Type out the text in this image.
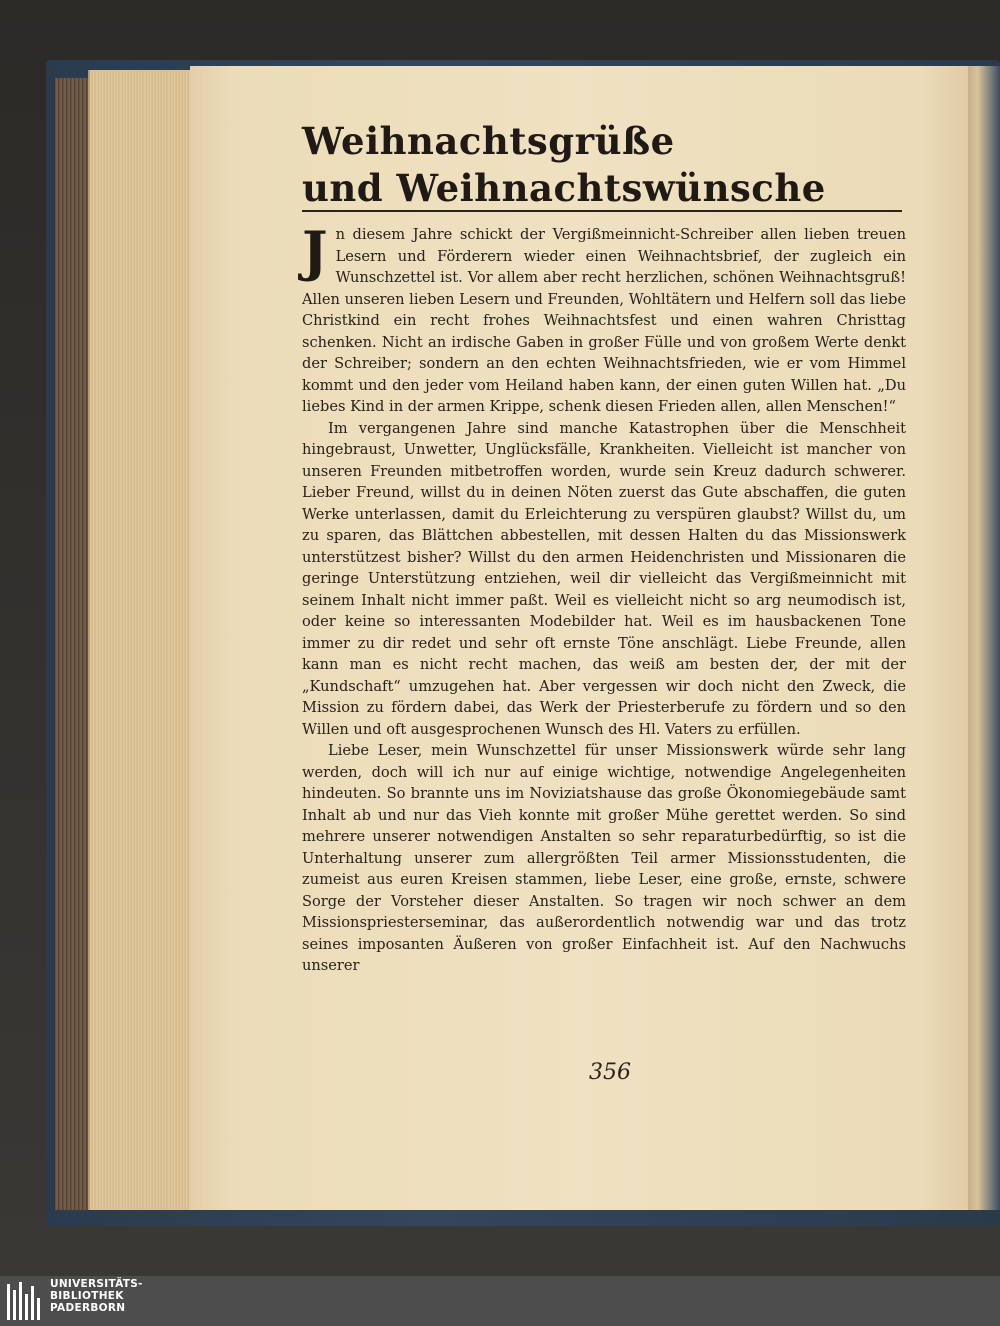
Weihnachtsgrüße
und Weihnachtswünsche

Jn diesem Jahre schickt der Vergißmeinnicht-Schreiber allen lieben treuen Lesern und Förderern wieder einen Weihnachtsbrief, der zugleich ein Wunschzettel ist. Vor allem aber recht herzlichen, schönen Weihnachtsgruß! Allen unseren lieben Lesern und Freunden, Wohltätern und Helfern soll das liebe Christkind ein recht frohes Weihnachtsfest und einen wahren Christtag schenken. Nicht an irdische Gaben in großer Fülle und von großem Werte denkt der Schreiber; sondern an den echten Weihnachtsfrieden, wie er vom Himmel kommt und den jeder vom Heiland haben kann, der einen guten Willen hat. „Du liebes Kind in der armen Krippe, schenk diesen Frieden allen, allen Menschen!“

Im vergangenen Jahre sind manche Katastrophen über die Menschheit hingebraust, Unwetter, Unglücksfälle, Krankheiten. Vielleicht ist mancher von unseren Freunden mitbetroffen worden, wurde sein Kreuz dadurch schwerer. Lieber Freund, willst du in deinen Nöten zuerst das Gute abschaffen, die guten Werke unterlassen, damit du Erleichterung zu verspüren glaubst? Willst du, um zu sparen, das Blättchen abbestellen, mit dessen Halten du das Missionswerk unterstützest bisher? Willst du den armen Heidenchristen und Missionaren die geringe Unterstützung entziehen, weil dir vielleicht das Vergißmeinnicht mit seinem Inhalt nicht immer paßt. Weil es vielleicht nicht so arg neumodisch ist, oder keine so interessanten Modebilder hat. Weil es im hausbackenen Tone immer zu dir redet und sehr oft ernste Töne anschlägt. Liebe Freunde, allen kann man es nicht recht machen, das weiß am besten der, der mit der „Kundschaft“ umzugehen hat. Aber vergessen wir doch nicht den Zweck, die Mission zu fördern dabei, das Werk der Priesterberufe zu fördern und so den Willen und oft ausgesprochenen Wunsch des Hl. Vaters zu erfüllen.

Liebe Leser, mein Wunschzettel für unser Missionswerk würde sehr lang werden, doch will ich nur auf einige wichtige, notwendige Angelegenheiten hindeuten. So brannte uns im Noviziatshause das große Ökonomiegebäude samt Inhalt ab und nur das Vieh konnte mit großer Mühe gerettet werden. So sind mehrere unserer notwendigen Anstalten so sehr reparaturbedürftig, so ist die Unterhaltung unserer zum allergrößten Teil armer Missionsstudenten, die zumeist aus euren Kreisen stammen, liebe Leser, eine große, ernste, schwere Sorge der Vorsteher dieser Anstalten. So tragen wir noch schwer an dem Missionspriesterseminar, das außerordentlich notwendig war und das trotz seines imposanten Äußeren von großer Einfachheit ist. Auf den Nachwuchs unserer

356
UNIVERSITÄTS-
BIBLIOTHEK
PADERBORN
